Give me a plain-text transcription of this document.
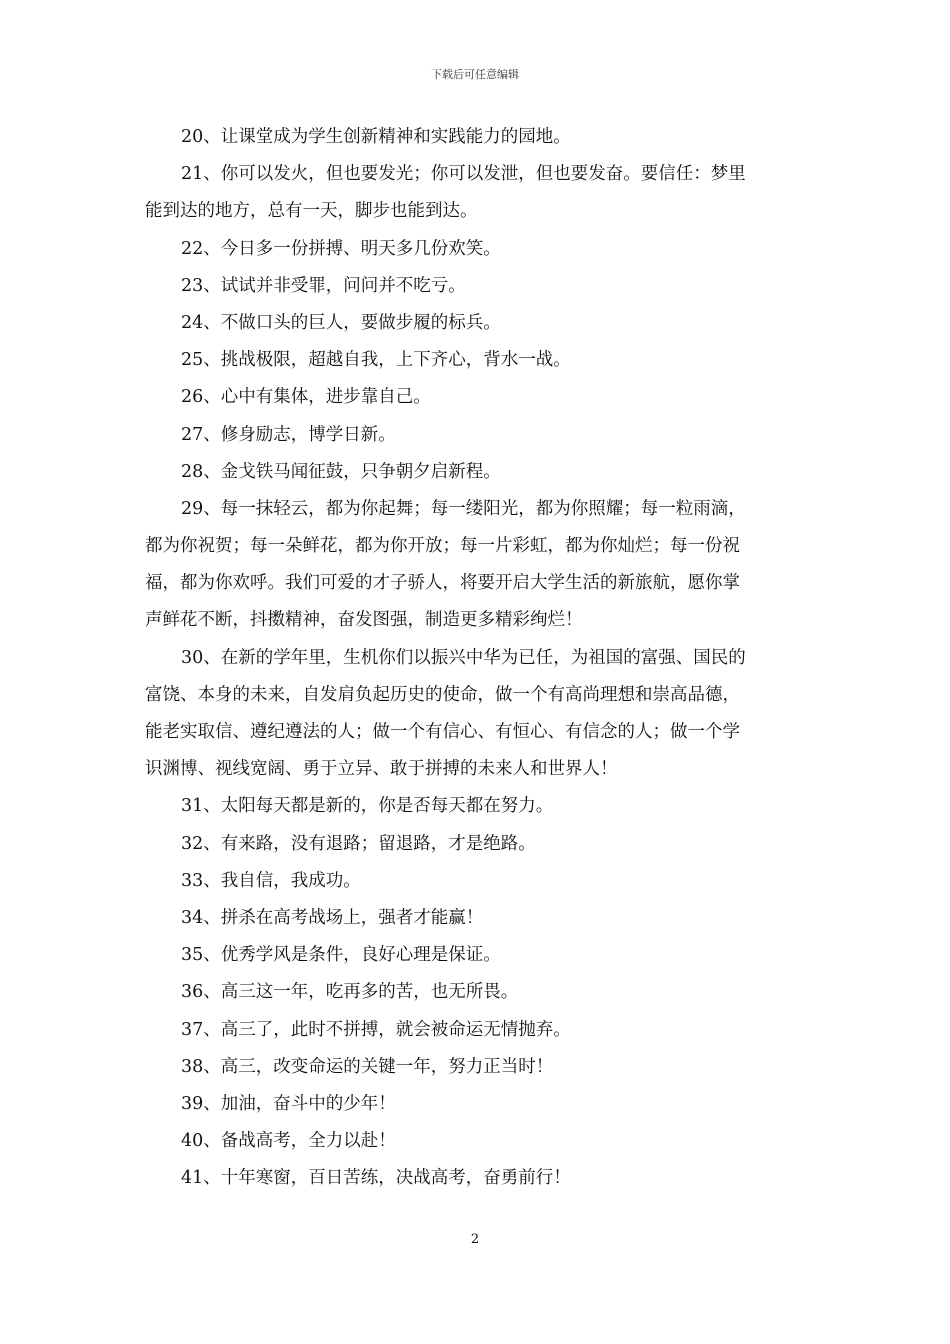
下载后可任意编辑
20、让课堂成为学生创新精神和实践能力的园地。
21、你可以发火，但也要发光；你可以发泄，但也要发奋。要信任：梦里
能到达的地方，总有一天，脚步也能到达。
22、今日多一份拼搏、明天多几份欢笑。
23、试试并非受罪，问问并不吃亏。
24、不做口头的巨人，要做步履的标兵。
25、挑战极限，超越自我，上下齐心，背水一战。
26、心中有集体，进步靠自己。
27、修身励志，博学日新。
28、金戈铁马闻征鼓，只争朝夕启新程。
29、每一抹轻云，都为你起舞；每一缕阳光，都为你照耀；每一粒雨滴，
都为你祝贺；每一朵鲜花，都为你开放；每一片彩虹，都为你灿烂；每一份祝
福，都为你欢呼。我们可爱的才子骄人，将要开启大学生活的新旅航，愿你掌
声鲜花不断，抖擞精神，奋发图强，制造更多精彩绚烂！
30、在新的学年里，生机你们以振兴中华为已任，为祖国的富强、国民的
富饶、本身的未来，自发肩负起历史的使命，做一个有高尚理想和崇高品德，
能老实取信、遵纪遵法的人；做一个有信心、有恒心、有信念的人；做一个学
识渊博、视线宽阔、勇于立异、敢于拼搏的未来人和世界人！
31、太阳每天都是新的，你是否每天都在努力。
32、有来路，没有退路；留退路，才是绝路。
33、我自信，我成功。
34、拼杀在高考战场上，强者才能赢！
35、优秀学风是条件，良好心理是保证。
36、高三这一年，吃再多的苦，也无所畏。
37、高三了，此时不拼搏，就会被命运无情抛弃。
38、高三，改变命运的关键一年，努力正当时！
39、加油，奋斗中的少年！
40、备战高考，全力以赴！
41、十年寒窗，百日苦练，决战高考，奋勇前行！
2
